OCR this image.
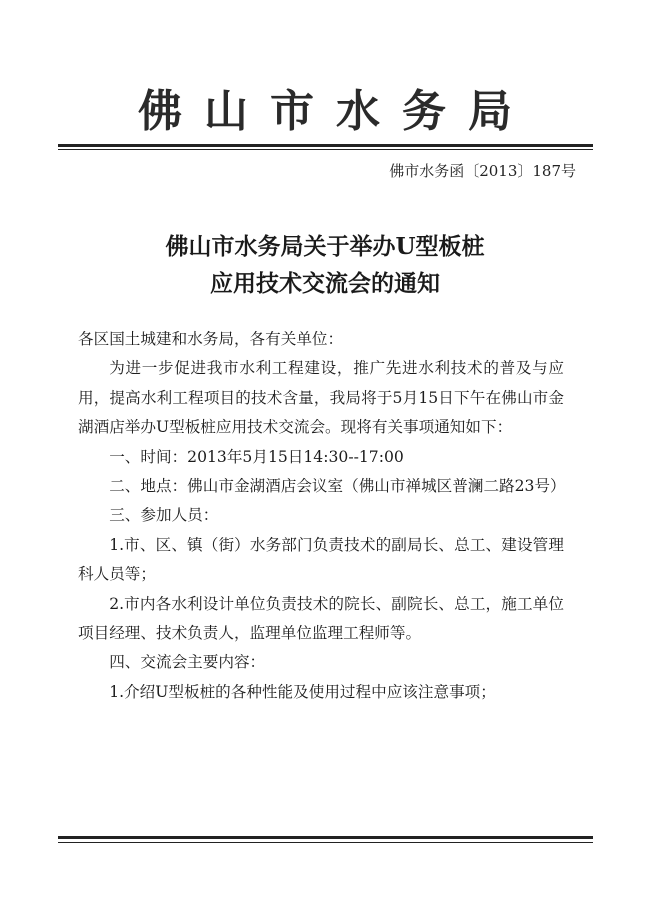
佛山市水务局
佛市水务函〔2013〕187号
佛山市水务局关于举办U型板桩
应用技术交流会的通知

各区国土城建和水务局，各有关单位：

为进一步促进我市水利工程建设，推广先进水利技术的普及与应用，提高水利工程项目的技术含量，我局将于5月15日下午在佛山市金湖酒店举办U型板桩应用技术交流会。现将有关事项通知如下：

一、时间：2013年5月15日14:30--17:00

二、地点：佛山市金湖酒店会议室（佛山市禅城区普澜二路23号）

三、参加人员：

1.市、区、镇（街）水务部门负责技术的副局长、总工、建设管理科人员等；

2.市内各水利设计单位负责技术的院长、副院长、总工，施工单位项目经理、技术负责人，监理单位监理工程师等。

四、交流会主要内容：

1.介绍U型板桩的各种性能及使用过程中应该注意事项；
